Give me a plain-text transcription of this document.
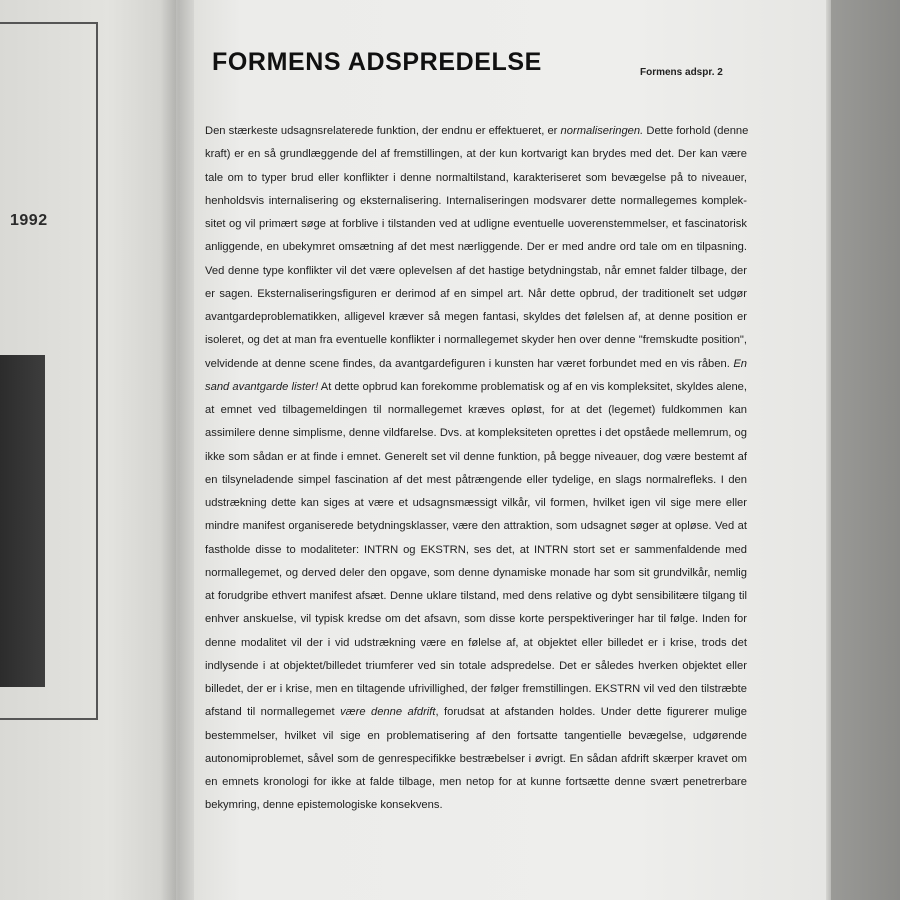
1992
FORMENS ADSPREDELSE	Formens adspr. 2
Den stærkeste udsagnsrelaterede funktion, der endnu er effektueret, er normaliseringen. Dette forhold (denne
kraft) er en så grundlæggende del af fremstillingen, at der kun kortvarigt kan brydes med det. Der kan være
tale om to typer brud eller konflikter i denne normaltilstand, karakteriseret som bevægelse på to niveauer,
henholdsvis internalisering og eksternalisering. Internaliseringen modsvarer dette normallegemes komplek-
sitet og vil primært søge at forblive i tilstanden ved at udligne eventuelle uoverenstemmelser, et fascinatorisk
anliggende, en ubekymret omsætning af det mest nærliggende. Der er med andre ord tale om en tilpasning.
Ved denne type konflikter vil det være oplevelsen af det hastige betydningstab, når emnet falder tilbage, der
er sagen. Eksternaliseringsfiguren er derimod af en simpel art. Når dette opbrud, der traditionelt set udgør
avantgardeproblematikken, alligevel kræver så megen fantasi, skyldes det følelsen af, at denne position er
isoleret, og det at man fra eventuelle konflikter i normallegemet skyder hen over denne "fremskudte position",
velvidende at denne scene findes, da avantgardefiguren i kunsten har været forbundet med en vis råben. En
sand avantgarde lister! At dette opbrud kan forekomme problematisk og af en vis kompleksitet, skyldes alene,
at emnet ved tilbagemeldingen til normallegemet kræves opløst, for at det (legemet) fuldkommen kan
assimilere denne simplisme, denne vildfarelse. Dvs. at kompleksiteten oprettes i det opståede mellemrum, og
ikke som sådan er at finde i emnet. Generelt set vil denne funktion, på begge niveauer, dog være bestemt af
en tilsyneladende simpel fascination af det mest påtrængende eller tydelige, en slags normalrefleks. I den
udstrækning dette kan siges at være et udsagnsmæssigt vilkår, vil formen, hvilket igen vil sige mere eller
mindre manifest organiserede betydningsklasser, være den attraktion, som udsagnet søger at opløse. Ved at
fastholde disse to modaliteter: INTRN og EKSTRN, ses det, at INTRN stort set er sammenfaldende med
normallegemet, og derved deler den opgave, som denne dynamiske monade har som sit grundvilkår, nemlig
at forudgribe ethvert manifest afsæt. Denne uklare tilstand, med dens relative og dybt sensibilitære tilgang til
enhver anskuelse, vil typisk kredse om det afsavn, som disse korte perspektiveringer har til følge. Inden for
denne modalitet vil der i vid udstrækning være en følelse af, at objektet eller billedet er i krise, trods det
indlysende i at objektet/billedet triumferer ved sin totale adspredelse. Det er således hverken objektet eller
billedet, der er i krise, men en tiltagende ufrivillighed, der følger fremstillingen. EKSTRN vil ved den tilstræbte
afstand til normallegemet være denne afdrift, forudsat at afstanden holdes. Under dette figurerer mulige
bestemmelser, hvilket vil sige en problematisering af den fortsatte tangentielle bevægelse, udgørende
autonomiproblemet, såvel som de genrespecifikke bestræbelser i øvrigt. En sådan afdrift skærper kravet om
en emnets kronologi for ikke at falde tilbage, men netop for at kunne fortsætte denne svært penetrerbare
bekymring, denne epistemologiske konsekvens.
